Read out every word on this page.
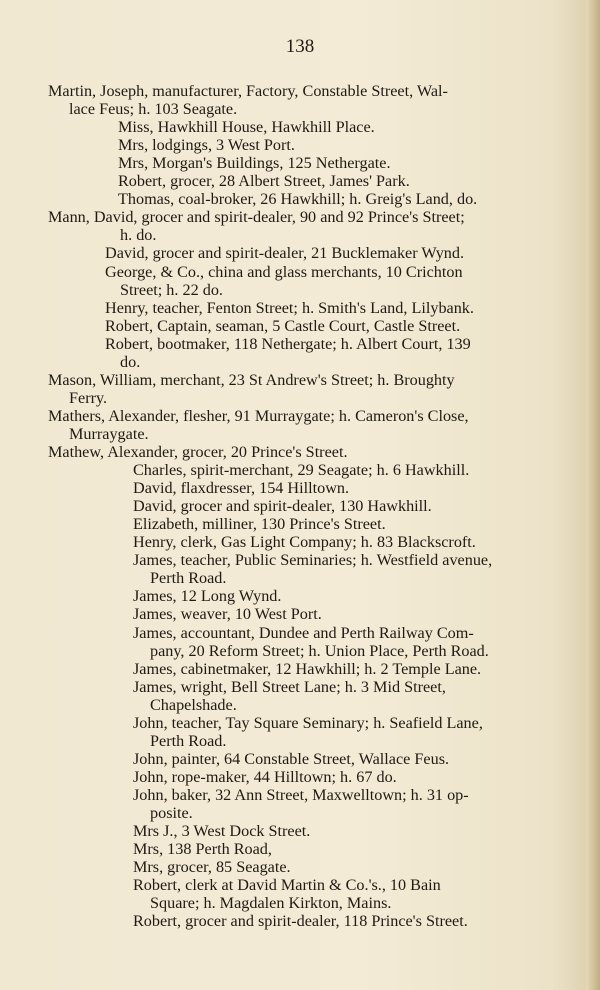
138
Martin, Joseph, manufacturer, Factory, Constable Street, Wal-
lace Feus; h. 103 Seagate.
Miss, Hawkhill House, Hawkhill Place.
Mrs, lodgings, 3 West Port.
Mrs, Morgan's Buildings, 125 Nethergate.
Robert, grocer, 28 Albert Street, James' Park.
Thomas, coal-broker, 26 Hawkhill; h. Greig's Land, do.
Mann, David, grocer and spirit-dealer, 90 and 92 Prince's Street;
h. do.
David, grocer and spirit-dealer, 21 Bucklemaker Wynd.
George, & Co., china and glass merchants, 10 Crichton
Street; h. 22 do.
Henry, teacher, Fenton Street; h. Smith's Land, Lilybank.
Robert, Captain, seaman, 5 Castle Court, Castle Street.
Robert, bootmaker, 118 Nethergate; h. Albert Court, 139
do.
Mason, William, merchant, 23 St Andrew's Street; h. Broughty
Ferry.
Mathers, Alexander, flesher, 91 Murraygate; h. Cameron's Close,
Murraygate.
Mathew, Alexander, grocer, 20 Prince's Street.
Charles, spirit-merchant, 29 Seagate; h. 6 Hawkhill.
David, flaxdresser, 154 Hilltown.
David, grocer and spirit-dealer, 130 Hawkhill.
Elizabeth, milliner, 130 Prince's Street.
Henry, clerk, Gas Light Company; h. 83 Blackscroft.
James, teacher, Public Seminaries; h. Westfield avenue,
Perth Road.
James, 12 Long Wynd.
James, weaver, 10 West Port.
James, accountant, Dundee and Perth Railway Com-
pany, 20 Reform Street; h. Union Place, Perth Road.
James, cabinetmaker, 12 Hawkhill; h. 2 Temple Lane.
James, wright, Bell Street Lane; h. 3 Mid Street,
Chapelshade.
John, teacher, Tay Square Seminary; h. Seafield Lane,
Perth Road.
John, painter, 64 Constable Street, Wallace Feus.
John, rope-maker, 44 Hilltown; h. 67 do.
John, baker, 32 Ann Street, Maxwelltown; h. 31 op-
posite.
Mrs J., 3 West Dock Street.
Mrs, 138 Perth Road,
Mrs, grocer, 85 Seagate.
Robert, clerk at David Martin & Co.'s., 10 Bain
Square; h. Magdalen Kirkton, Mains.
Robert, grocer and spirit-dealer, 118 Prince's Street.
